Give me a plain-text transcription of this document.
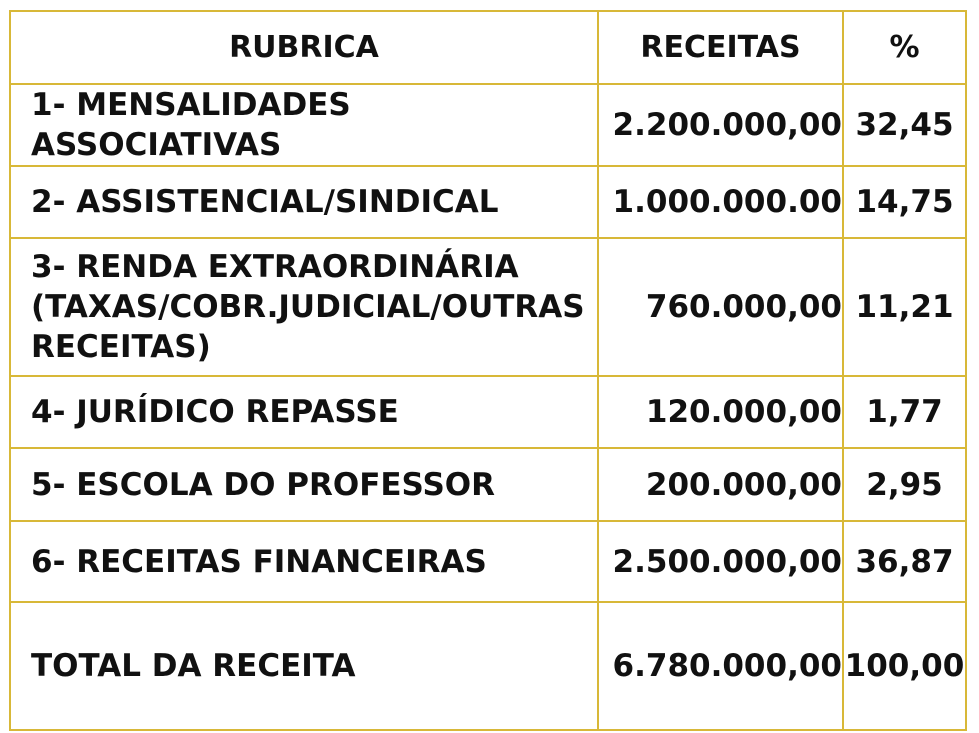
RUBRICA	RECEITAS	%
1- MENSALIDADES ASSOCIATIVAS	2.200.000,00	32,45
2- ASSISTENCIAL/SINDICAL	1.000.000.00	14,75
3- RENDA EXTRAORDINÁRIA (TAXAS/COBR.JUDICIAL/OUTRAS RECEITAS)	760.000,00	11,21
4- JURÍDICO REPASSE	120.000,00	1,77
5- ESCOLA DO PROFESSOR	200.000,00	2,95
6- RECEITAS FINANCEIRAS	2.500.000,00	36,87
TOTAL DA RECEITA	6.780.000,00	100,00
